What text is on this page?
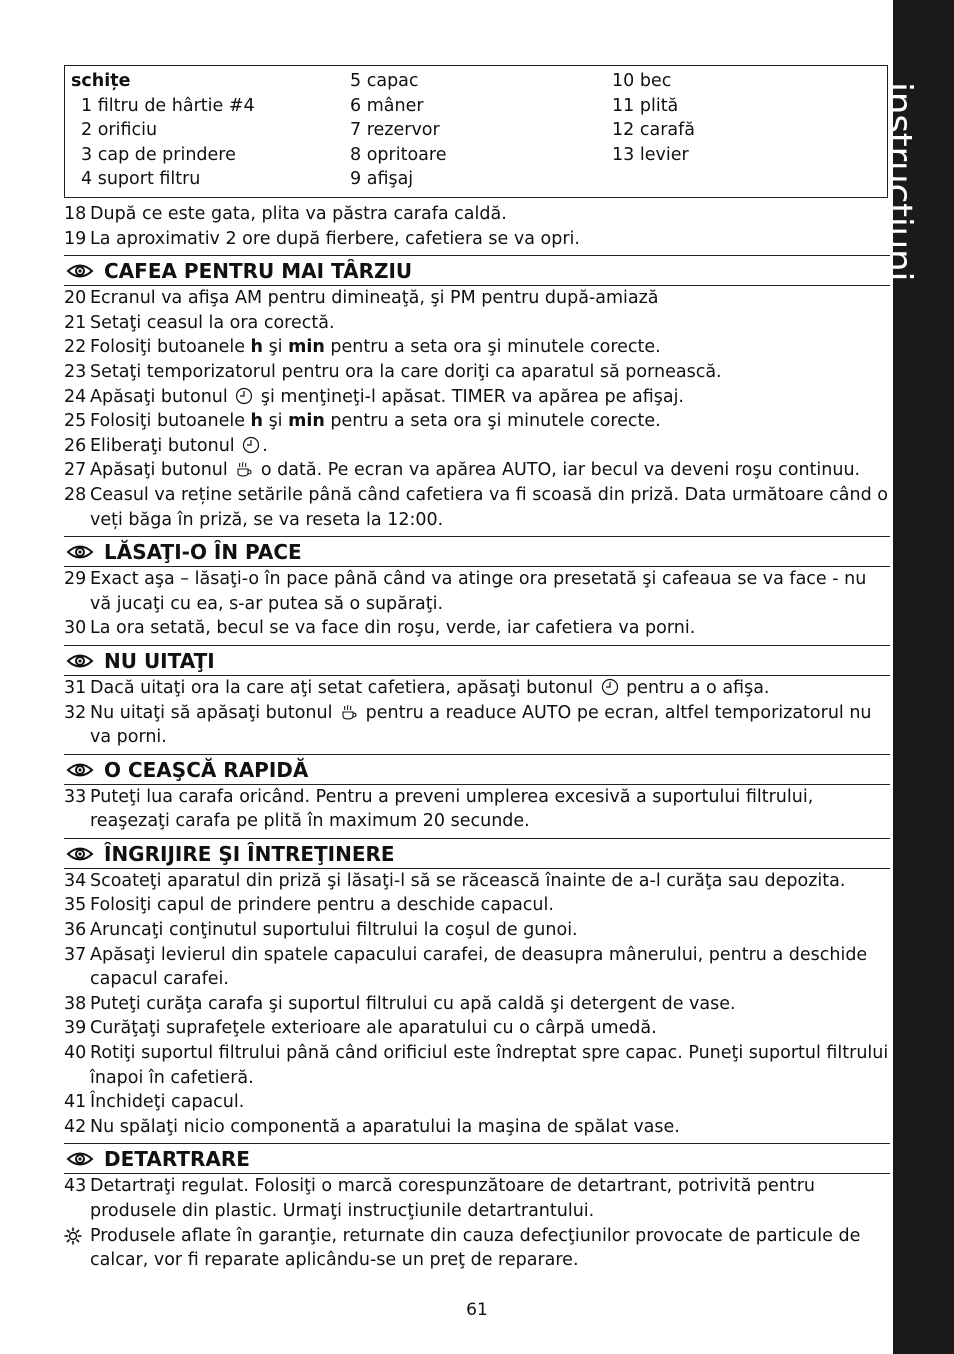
instrucțiuni
schițe
1 filtru de hârtie #4
2 orificiu
3 cap de prindere
4 suport filtru
5 capac
6 mâner
7 rezervor
8 opritoare
9 afişaj
10 bec
11 plită
12 carafă
13 levier
18 După ce este gata, plita va păstra carafa caldă.
19 La aproximativ 2 ore după fierbere, cafetiera se va opri.
CAFEA PENTRU MAI TÂRZIU
20 Ecranul va afişa AM pentru dimineaţă, şi PM pentru după-amiază
21 Setaţi ceasul la ora corectă.
22 Folosiţi butoanele h şi min pentru a seta ora şi minutele corecte.
23 Setaţi temporizatorul pentru ora la care doriţi ca aparatul să pornească.
24 Apăsaţi butonul  şi menţineţi-l apăsat. TIMER va apărea pe afişaj.
25 Folosiţi butoanele h şi min pentru a seta ora şi minutele corecte.
26 Eliberaţi butonul .
27 Apăsaţi butonul  o dată. Pe ecran va apărea AUTO, iar becul va deveni roşu continuu.
28 Ceasul va reține setările până când cafetiera va fi scoasă din priză. Data următoare când o veți băga în priză, se va reseta la 12:00.
LĂSAŢI-O ÎN PACE
29 Exact aşa – lăsaţi-o în pace până când va atinge ora presetată şi cafeaua se va face - nu vă jucaţi cu ea, s-ar putea să o supăraţi.
30 La ora setată, becul se va face din roşu, verde, iar cafetiera va porni.
NU UITAŢI
31 Dacă uitaţi ora la care aţi setat cafetiera, apăsaţi butonul  pentru a o afişa.
32 Nu uitaţi să apăsaţi butonul  pentru a readuce AUTO pe ecran, altfel temporizatorul nu va porni.
O CEAŞCĂ RAPIDĂ
33 Puteţi lua carafa oricând. Pentru a preveni umplerea excesivă a suportului filtrului, reaşezaţi carafa pe plită în maximum 20 secunde.
ÎNGRIJIRE ŞI ÎNTREŢINERE
34 Scoateţi aparatul din priză şi lăsaţi-l să se răcească înainte de a-l curăţa sau depozita.
35 Folosiţi capul de prindere pentru a deschide capacul.
36 Aruncaţi conţinutul suportului filtrului la coşul de gunoi.
37 Apăsaţi levierul din spatele capacului carafei, de deasupra mânerului, pentru a deschide capacul carafei.
38 Puteţi curăţa carafa şi suportul filtrului cu apă caldă şi detergent de vase.
39 Curăţaţi suprafeţele exterioare ale aparatului cu o cârpă umedă.
40 Rotiţi suportul filtrului până când orificiul este îndreptat spre capac. Puneţi suportul filtrului înapoi în cafetieră.
41 Închideţi capacul.
42 Nu spălaţi nicio componentă a aparatului la maşina de spălat vase.
DETARTRARE
43 Detartraţi regulat. Folosiţi o marcă corespunzătoare de detartrant, potrivită pentru produsele din plastic. Urmaţi instrucţiunile detartrantului.
Produsele aflate în garanţie, returnate din cauza defecţiunilor provocate de particule de calcar, vor fi reparate aplicându-se un preţ de reparare.
61
